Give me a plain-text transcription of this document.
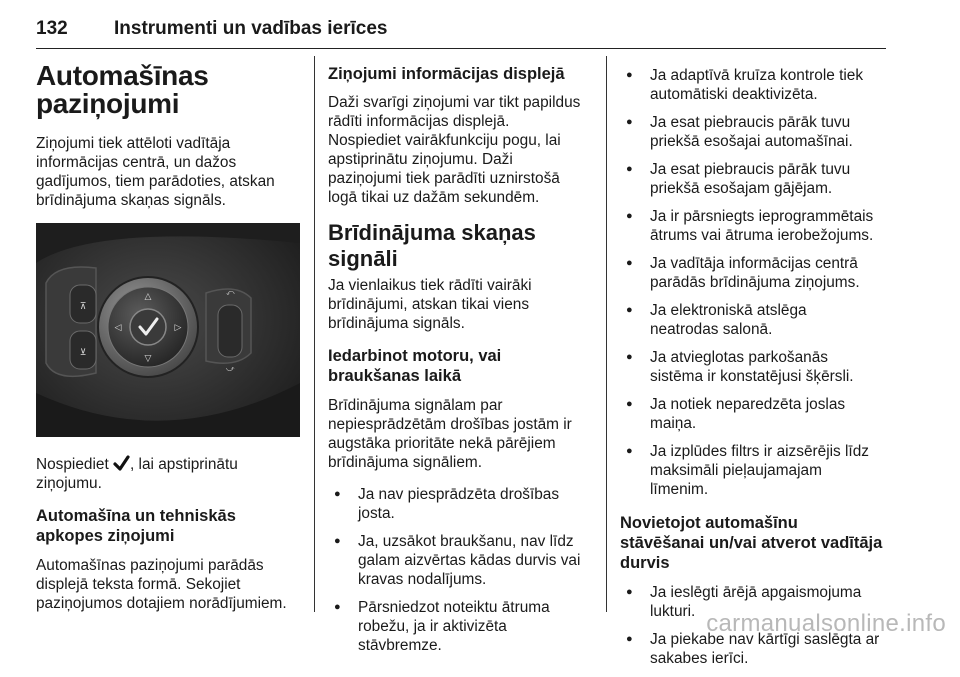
132 Instrumenti un vadības ierīces
Automašīnas
paziņojumi

Ziņojumi tiek attēloti vadītāja
informācijas centrā, un dažos
gadījumos, tiem parādoties, atskan
brīdinājuma skaņas signāls.

⊼
⊻
△
▽
◁	▷
⤺
⤻

Nospiediet , lai apstiprinātu
ziņojumu.

Automašīna un tehniskās
apkopes ziņojumi

Automašīnas paziņojumi parādās
displejā teksta formā. Sekojiet
paziņojumos dotajiem norādījumiem.

Ziņojumi informācijas displejā

Daži svarīgi ziņojumi var tikt papildus
rādīti informācijas displejā.
Nospiediet vairākfunkciju pogu, lai
apstiprinātu ziņojumu. Daži
paziņojumi tiek parādīti uznirstošā
logā tikai uz dažām sekundēm.

Brīdinājuma skaņas signāli

Ja vienlaikus tiek rādīti vairāki
brīdinājumi, atskan tikai viens
brīdinājuma signāls.

Iedarbinot motoru, vai
braukšanas laikā

Brīdinājuma signālam par
nepiesprādzētām drošības jostām ir
augstāka prioritāte nekā pārējiem
brīdinājuma signāliem.

● Ja nav piesprādzēta drošības
josta.
● Ja, uzsākot braukšanu, nav līdz
galam aizvērtas kādas durvis vai
kravas nodalījums.
● Pārsniedzot noteiktu ātruma
robežu, ja ir aktivizēta
stāvbremze.
● Ja adaptīvā kruīza kontrole tiek
automātiski deaktivizēta.
● Ja esat piebraucis pārāk tuvu
priekšā esošajai automašīnai.
● Ja esat piebraucis pārāk tuvu
priekšā esošajam gājējam.
● Ja ir pārsniegts ieprogrammētais
ātrums vai ātruma ierobežojums.
● Ja vadītāja informācijas centrā
parādās brīdinājuma ziņojums.
● Ja elektroniskā atslēga
neatrodas salonā.
● Ja atvieglotas parkošanās
sistēma ir konstatējusi šķērsli.
● Ja notiek neparedzēta joslas
maiņa.
● Ja izplūdes filtrs ir aizsērējis līdz
maksimāli pieļaujamajam
līmenim.
Novietojot automašīnu
stāvēšanai un/vai atverot vadītāja
durvis
● Ja ieslēgti ārējā apgaismojuma
lukturi.
● Ja piekabe nav kārtīgi saslēgta ar
sakabes ierīci.
carmanualsonline.info
